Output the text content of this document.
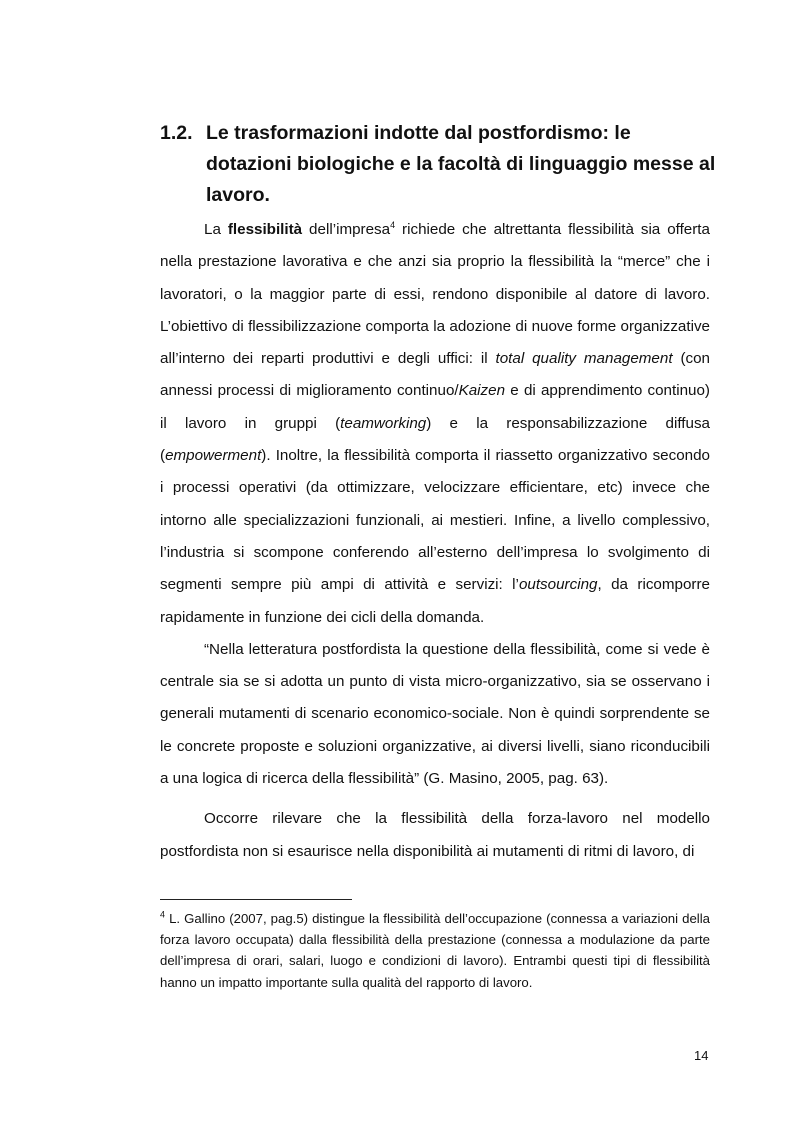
1.2. Le trasformazioni indotte dal postfordismo: le dotazioni biologiche e la facoltà di linguaggio messe al lavoro.

La flessibilità dell’impresa$^4$ richiede che altrettanta flessibilità sia offerta nella prestazione lavorativa e che anzi sia proprio la flessibilità la “merce” che i lavoratori, o la maggior parte di essi, rendono disponibile al datore di lavoro. L’obiettivo di flessibilizzazione comporta la adozione di nuove forme organizzative all’interno dei reparti produttivi e degli uffici: il total quality management (con annessi processi di miglioramento continuo/Kaizen e di apprendimento continuo) il lavoro in gruppi (teamworking) e la responsabilizzazione diffusa (empowerment). Inoltre, la flessibilità comporta il riassetto organizzativo secondo i processi operativi (da ottimizzare, velocizzare efficientare, etc) invece che intorno alle specializzazioni funzionali, ai mestieri. Infine, a livello complessivo, l’industria si scompone conferendo all’esterno dell’impresa lo svolgimento di segmenti sempre più ampi di attività e servizi: l’outsourcing, da ricomporre rapidamente in funzione dei cicli della domanda.

“Nella letteratura postfordista la questione della flessibilità, come si vede è centrale sia se si adotta un punto di vista micro-organizzativo, sia se osservano i generali mutamenti di scenario economico-sociale. Non è quindi sorprendente se le concrete proposte e soluzioni organizzative, ai diversi livelli, siano riconducibili a una logica di ricerca della flessibilità” (G. Masino, 2005, pag. 63).

Occorre rilevare che la flessibilità della forza-lavoro nel modello postfordista non si esaurisce nella disponibilità ai mutamenti di ritmi di lavoro, di

$^4$ L. Gallino (2007, pag.5) distingue la flessibilità dell’occupazione (connessa a variazioni della forza lavoro occupata) dalla flessibilità della prestazione (connessa a modulazione da parte dell’impresa di orari, salari, luogo e condizioni di lavoro). Entrambi questi tipi di flessibilità hanno un impatto importante sulla qualità del rapporto di lavoro.
14
